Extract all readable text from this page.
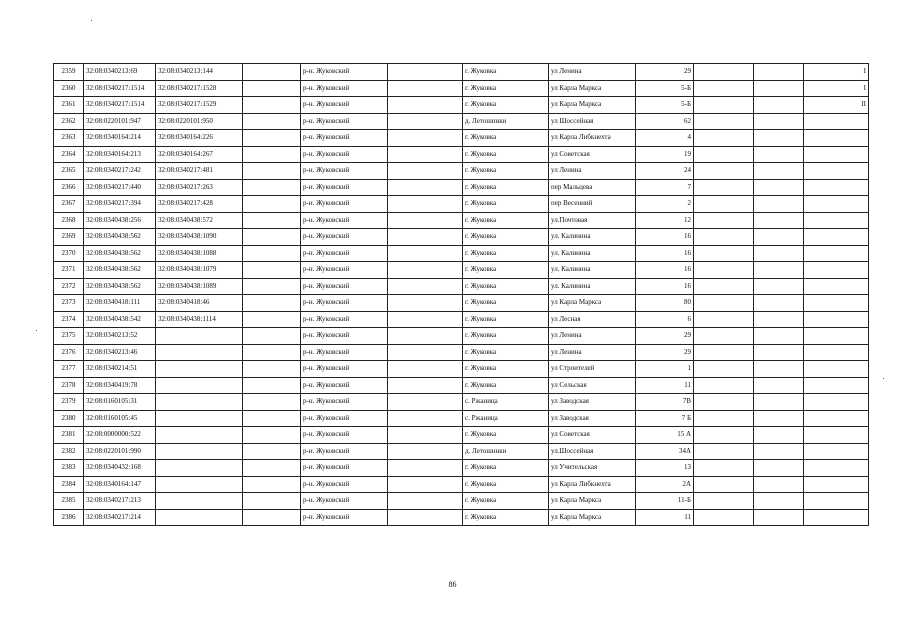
2359	32:08:0340213:69	32:08:0340213:144		р-н. Жуковский		г. Жуковка	ул Ленина	29			I
2360	32:08:0340217:1514	32:08:0340217:1528		р-н. Жуковский		г. Жуковка	ул Карла Маркса	5-Б			I
2361	32:08:0340217:1514	32:08:0340217:1529		р-н. Жуковский		г. Жуковка	ул Карла Маркса	5-Б			II
2362	32:08:0220101:947	32:08:0220101:950		р-н. Жуковский		д. Летошники	ул Шоссейная	62			
2363	32:08:0340164:214	32:08:0340164:226		р-н. Жуковский		г. Жуковка	ул Карла Либкнехта	4			
2364	32:08:0340164:213	32:08:0340164:267		р-н. Жуковский		г. Жуковка	ул Советская	19			
2365	32:08:0340217:242	32:08:0340217:481		р-н. Жуковский		г. Жуковка	ул Ленина	24			
2366	32:08:0340217:440	32:08:0340217:263		р-н. Жуковский		г. Жуковка	пер Мальцева	7			
2367	32:08:0340217:394	32:08:0340217:428		р-н. Жуковский		г. Жуковка	пер Весенний	2			
2368	32:08:0340438:256	32:08:0340438:572		р-н. Жуковский		г. Жуковка	ул.Почтовая	12			
2369	32:08:0340438:562	32:08:0340438:1090		р-н. Жуковский		г. Жуковка	ул. Калинина	16			
2370	32:08:0340438:562	32:08:0340438:1088		р-н. Жуковский		г. Жуковка	ул. Калинина	16			
2371	32:08:0340438:562	32:08:0340438:1079		р-н. Жуковский		г. Жуковка	ул. Калинина	16			
2372	32:08:0340438:562	32:08:0340438:1089		р-н. Жуковский		г. Жуковка	ул. Калинина	16			
2373	32:08:0340418:111	32:08:0340418:46		р-н. Жуковский		г. Жуковка	ул Карла Маркса	80			
2374	32:08:0340438:542	32:08:0340438:1114		р-н. Жуковский		г. Жуковка	ул Лесная	6			
2375	32:08:0340213:52			р-н. Жуковский		г. Жуковка	ул Ленина	29			
2376	32:08:0340213:46			р-н. Жуковский		г. Жуковка	ул Ленина	29			
2377	32:08:0340214:51			р-н. Жуковский		г. Жуковка	ул Строителей	1			
2378	32:08:0340419:78			р-н. Жуковский		г. Жуковка	ул Сельская	11			
2379	32:08:0160105:31			р-н. Жуковский		с. Ржаница	ул Заводская	7В			
2380	32:08:0160105:45			р-н. Жуковский		с. Ржаница	ул Заводская	7 Б			
2381	32:08:0000000:522			р-н. Жуковский		г. Жуковка	ул Советская	15 А			
2382	32:08:0220101:990			р-н. Жуковский		д. Летошники	ул.Шоссейная	34А			
2383	32:08:0340432:168			р-н. Жуковский		г. Жуковка	ул Учительская	13			
2384	32:08:0340164:147			р-н. Жуковский		г. Жуковка	ул Карла Либкнехта	2А			
2385	32:08:0340217:213			р-н. Жуковский		г. Жуковка	ул Карла Маркса	11-Б			
2386	32:08:0340217:214			р-н. Жуковский		г. Жуковка	ул Карла Маркса	11			
86
